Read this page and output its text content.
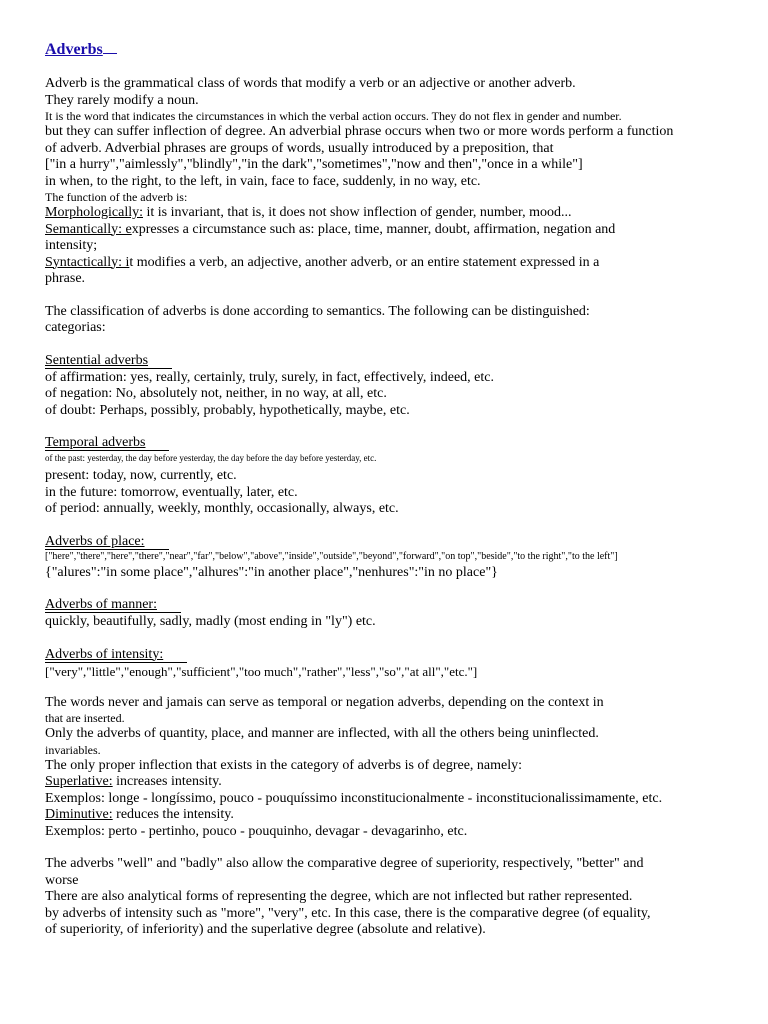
Adverbs
Adverb is the grammatical class of words that modify a verb or an adjective or another adverb.
They rarely modify a noun.
It is the word that indicates the circumstances in which the verbal action occurs. They do not flex in gender and number.
but they can suffer inflection of degree. An adverbial phrase occurs when two or more words perform a function
of adverb. Adverbial phrases are groups of words, usually introduced by a preposition, that
["in a hurry","aimlessly","blindly","in the dark","sometimes","now and then","once in a while"]
in when, to the right, to the left, in vain, face to face, suddenly, in no way, etc.
The function of the adverb is:
Morphologically: it is invariant, that is, it does not show inflection of gender, number, mood...
Semantically: expresses a circumstance such as: place, time, manner, doubt, affirmation, negation and
intensity;
Syntactically: it modifies a verb, an adjective, another adverb, or an entire statement expressed in a
phrase.
The classification of adverbs is done according to semantics. The following can be distinguished:
categorias:
Sentential adverbs
of affirmation: yes, really, certainly, truly, surely, in fact, effectively, indeed, etc.
of negation: No, absolutely not, neither, in no way, at all, etc.
of doubt: Perhaps, possibly, probably, hypothetically, maybe, etc.
Temporal adverbs
of the past: yesterday, the day before yesterday, the day before the day before yesterday, etc.
present: today, now, currently, etc.
in the future: tomorrow, eventually, later, etc.
of period: annually, weekly, monthly, occasionally, always, etc.
Adverbs of place:
["here","there","here","there","near","far","below","above","inside","outside","beyond","forward","on top","beside","to the right","to the left"]
{"alures":"in some place","alhures":"in another place","nenhures":"in no place"}
Adverbs of manner:
quickly, beautifully, sadly, madly (most ending in "ly") etc.
Adverbs of intensity:
["very","little","enough","sufficient","too much","rather","less","so","at all","etc."]
The words never and jamais can serve as temporal or negation adverbs, depending on the context in
that are inserted.
Only the adverbs of quantity, place, and manner are inflected, with all the others being uninflected.
invariables.
The only proper inflection that exists in the category of adverbs is of degree, namely:
Superlative: increases intensity.
Exemplos: longe - longíssimo, pouco - pouquíssimo inconstitucionalmente - inconstitucionalissimamente, etc.
Diminutive: reduces the intensity.
Exemplos: perto - pertinho, pouco - pouquinho, devagar - devagarinho, etc.
The adverbs "well" and "badly" also allow the comparative degree of superiority, respectively, "better" and
worse
There are also analytical forms of representing the degree, which are not inflected but rather represented.
by adverbs of intensity such as "more", "very", etc. In this case, there is the comparative degree (of equality,
of superiority, of inferiority) and the superlative degree (absolute and relative).
